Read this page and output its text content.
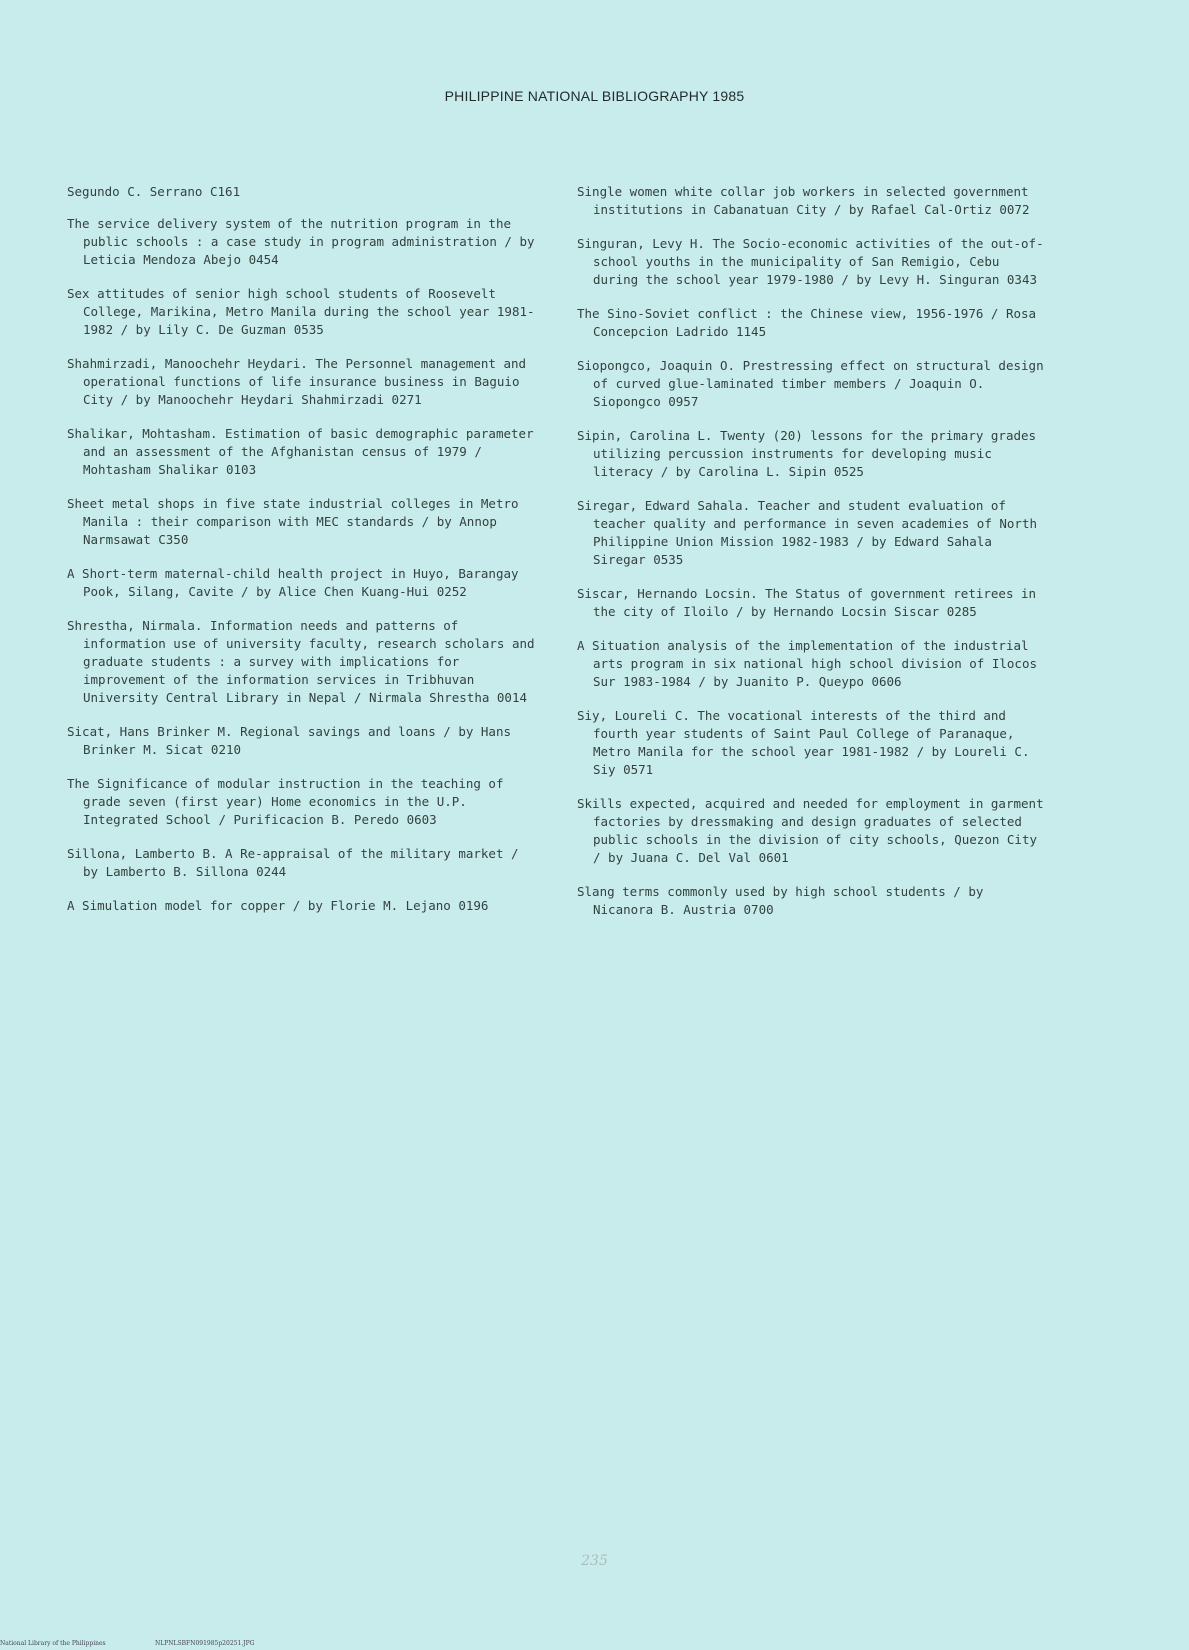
PHILIPPINE NATIONAL BIBLIOGRAPHY 1985

Segundo C. Serrano C161

The service delivery system of the nutrition program in the public schools : a case study in program administration / by Leticia Mendoza Abejo 0454

Sex attitudes of senior high school students of Roosevelt College, Marikina, Metro Manila during the school year 1981-1982 / by Lily C. De Guzman 0535

Shahmirzadi, Manoochehr Heydari. The Personnel management and operational functions of life insurance business in Baguio City / by Manoochehr Heydari Shahmirzadi 0271

Shalikar, Mohtasham. Estimation of basic demographic parameter and an assessment of the Afghanistan census of 1979 / Mohtasham Shalikar 0103

Sheet metal shops in five state industrial colleges in Metro Manila : their comparison with MEC standards / by Annop Narmsawat C350

A Short-term maternal-child health project in Huyo, Barangay Pook, Silang, Cavite / by Alice Chen Kuang-Hui 0252

Shrestha, Nirmala. Information needs and patterns of information use of university faculty, research scholars and graduate students : a survey with implications for improvement of the information services in Tribhuvan University Central Library in Nepal / Nirmala Shrestha 0014

Sicat, Hans Brinker M. Regional savings and loans / by Hans Brinker M. Sicat 0210

The Significance of modular instruction in the teaching of grade seven (first year) Home economics in the U.P. Integrated School / Purificacion B. Peredo 0603

Sillona, Lamberto B. A Re-appraisal of the military market / by Lamberto B. Sillona 0244

A Simulation model for copper / by Florie M. Lejano 0196

Single women white collar job workers in selected government institutions in Cabanatuan City / by Rafael Cal-Ortiz 0072

Singuran, Levy H. The Socio-economic activities of the out-of-school youths in the municipality of San Remigio, Cebu during the school year 1979-1980 / by Levy H. Singuran 0343

The Sino-Soviet conflict : the Chinese view, 1956-1976 / Rosa Concepcion Ladrido 1145

Siopongco, Joaquin O. Prestressing effect on structural design of curved glue-laminated timber members / Joaquin O. Siopongco 0957

Sipin, Carolina L. Twenty (20) lessons for the primary grades utilizing percussion instruments for developing music literacy / by Carolina L. Sipin 0525

Siregar, Edward Sahala. Teacher and student evaluation of teacher quality and performance in seven academies of North Philippine Union Mission 1982-1983 / by Edward Sahala Siregar 0535

Siscar, Hernando Locsin. The Status of government retirees in the city of Iloilo / by Hernando Locsin Siscar 0285

A Situation analysis of the implementation of the industrial arts program in six national high school division of Ilocos Sur 1983-1984 / by Juanito P. Queypo 0606

Siy, Loureli C. The vocational interests of the third and fourth year students of Saint Paul College of Paranaque, Metro Manila for the school year 1981-1982 / by Loureli C. Siy 0571

Skills expected, acquired and needed for employment in garment factories by dressmaking and design graduates of selected public schools in the division of city schools, Quezon City / by Juana C. Del Val 0601

Slang terms commonly used by high school students / by Nicanora B. Austria 0700

235
National Library of the Philippines	NLPNLSBFN091985p20251.JPG
